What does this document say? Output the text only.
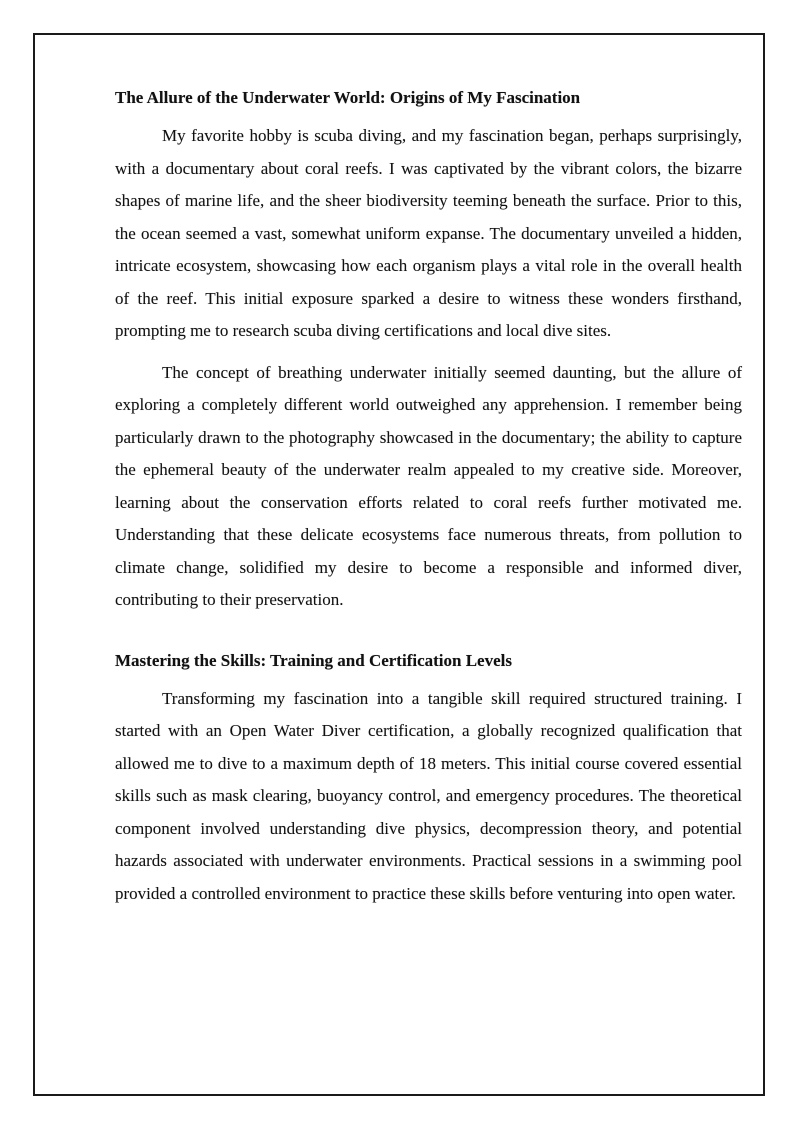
The Allure of the Underwater World: Origins of My Fascination

My favorite hobby is scuba diving, and my fascination began, perhaps surprisingly, with a documentary about coral reefs. I was captivated by the vibrant colors, the bizarre shapes of marine life, and the sheer biodiversity teeming beneath the surface. Prior to this, the ocean seemed a vast, somewhat uniform expanse. The documentary unveiled a hidden, intricate ecosystem, showcasing how each organism plays a vital role in the overall health of the reef. This initial exposure sparked a desire to witness these wonders firsthand, prompting me to research scuba diving certifications and local dive sites.

The concept of breathing underwater initially seemed daunting, but the allure of exploring a completely different world outweighed any apprehension. I remember being particularly drawn to the photography showcased in the documentary; the ability to capture the ephemeral beauty of the underwater realm appealed to my creative side. Moreover, learning about the conservation efforts related to coral reefs further motivated me. Understanding that these delicate ecosystems face numerous threats, from pollution to climate change, solidified my desire to become a responsible and informed diver, contributing to their preservation.

Mastering the Skills: Training and Certification Levels

Transforming my fascination into a tangible skill required structured training. I started with an Open Water Diver certification, a globally recognized qualification that allowed me to dive to a maximum depth of 18 meters. This initial course covered essential skills such as mask clearing, buoyancy control, and emergency procedures. The theoretical component involved understanding dive physics, decompression theory, and potential hazards associated with underwater environments. Practical sessions in a swimming pool provided a controlled environment to practice these skills before venturing into open water.
